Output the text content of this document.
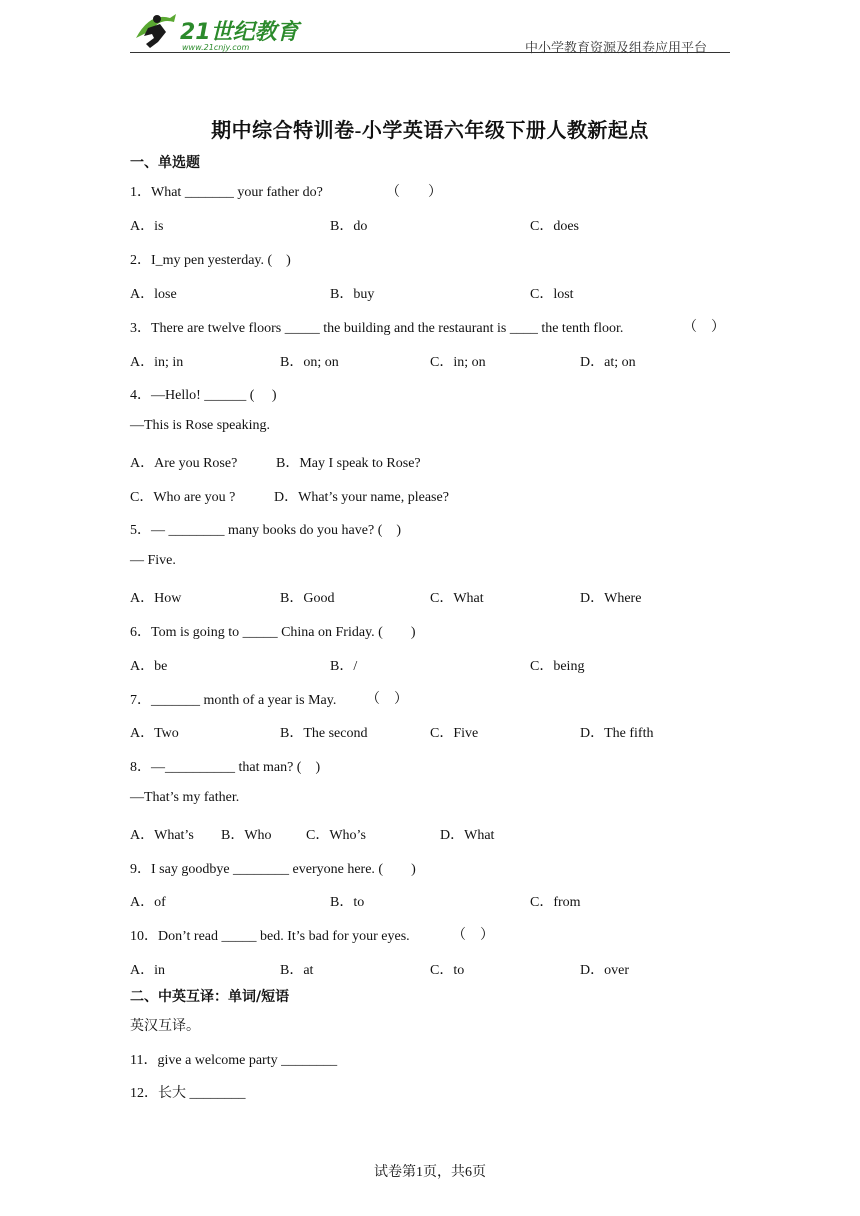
21世纪教育
www.21cnjy.com	中小学教育资源及组卷应用平台
期中综合特训卷-小学英语六年级下册人教新起点
一、单选题
1．What _______ your father do?	（　　）
A．is	B．do	C．does
2．I_my pen yesterday. (　)
A．lose	B．buy	C．lost
3．There are twelve floors _____ the building and the restaurant is ____ the tenth floor.	（　）
A．in; in	B．on; on	C．in; on	D．at; on
4．—Hello! ______ (　 )
—This is Rose speaking.
A．Are you Rose?	B．May I speak to Rose?
C．Who are you ?	D．What’s your name, please?
5．— ________ many books do you have? (　)
— Five.
A．How	B．Good	C．What	D．Where
6．Tom is going to _____ China on Friday. (　　)
A．be	B．/	C．being
7．_______ month of a year is May. （　）
A．Two	B．The second	C．Five	D．The fifth
8．—__________ that man? (　)
—That’s my father.
A．What’s B．Who C．Who’s	D．What
9．I say goodbye ________ everyone here. (　　)
A．of	B．to	C．from
10．Don’t read _____ bed. It’s bad for your eyes.	（　）
A．in	B．at	C．to	D．over
二、中英互译：单词/短语
英汉互译。
11．give a welcome party ________
12．长大 ________
试卷第1页，共6页
